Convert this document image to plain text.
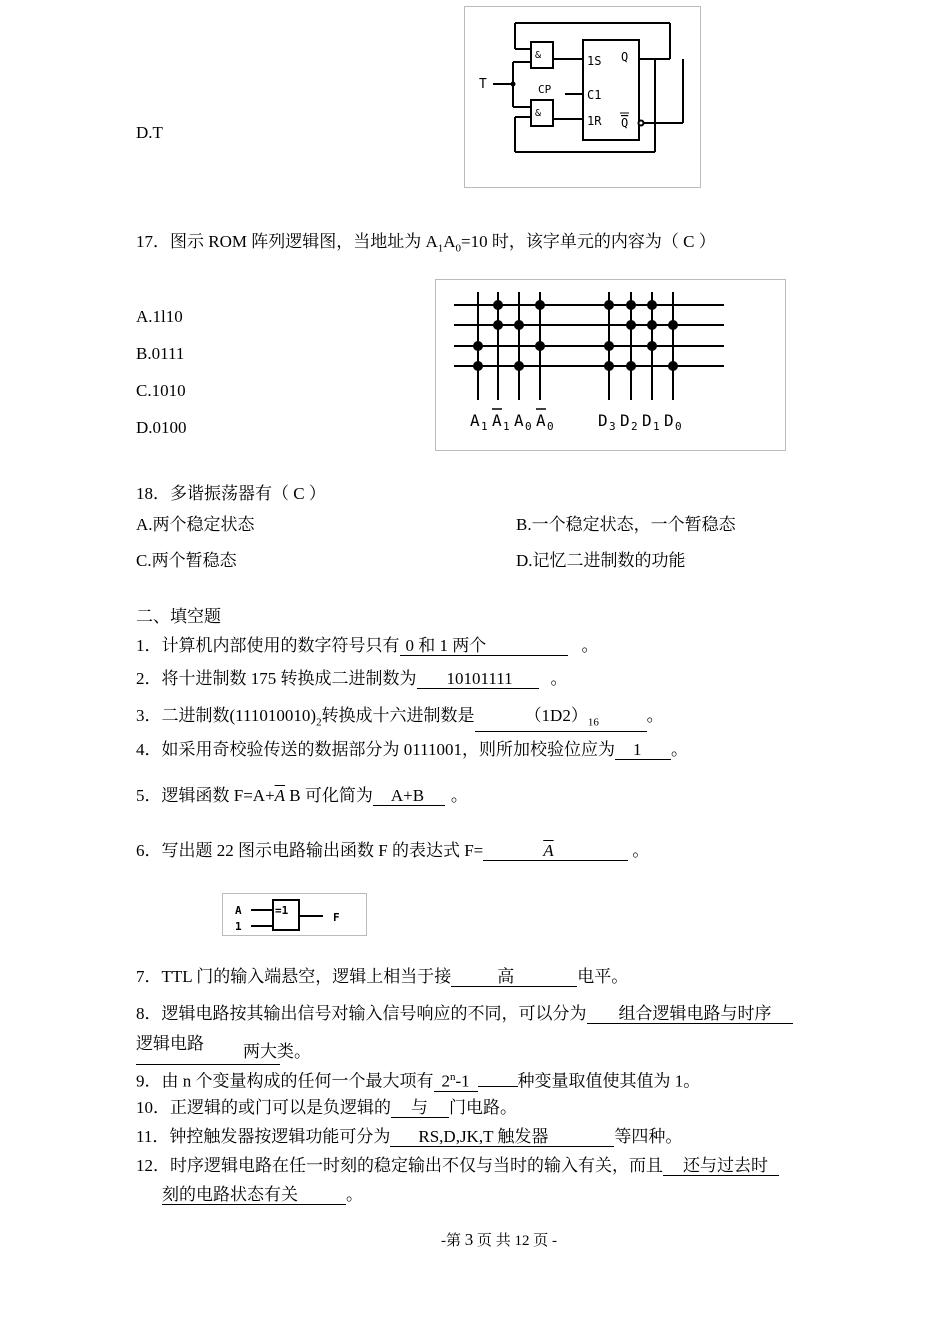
D.T
T
&
&
1S
C1
1R
CP
Q
Q
17．图示 ROM 阵列逻辑图，当地址为 $A_1A_0=10$ 时，该字单元的内容为（ C ）
A.1l10
B.0111
C.1010
D.0100	A 1 A 1 A 0 A 0	D 3 D 2 D 1 D 0
18．多谐振荡器有（ C ）
A.两个稳定状态	B.一个稳定状态，一个暂稳态
C.两个暂稳态	D.记忆二进制数的功能
二、填空题
1．计算机内部使用的数字符号只有 0 和 1 两个	。
2．将十进制数 175 转换成二进制数为 10101111 。
3．二进制数$(111010010)_2$转换成十六进制数是	$(1D2)_{16}$	。
4．如采用奇校验传送的数据部分为 0111001，则所加校验位应为 1 。
5．逻辑函数 $F=A+\overline{A}$ B 可化简为 A+B 。
6．写出题 22 图示电路输出函数 F 的表达式 F=	$\overline{A}$	。
A
1
=1
F
7．TTL 门的输入端悬空，逻辑上相当于接	高	电平。
8．逻辑电路按其输出信号对输入信号响应的不同，可以分为 组合逻辑电路与时序
逻辑电路 两大类。
9．由 n 个变量构成的任何一个最大项有 2$^n$-1	种变量取值使其值为 1。
10．正逻辑的或门可以是负逻辑的 与 门电路。
11．钟控触发器按逻辑功能可分为 RS,D,JK,T 触发器	等四种。
12．时序逻辑电路在任一时刻的稳定输出不仅与当时的输入有关，而且 还与过去时
刻的电路状态有关	。
-第 3 页 共 12 页 -
